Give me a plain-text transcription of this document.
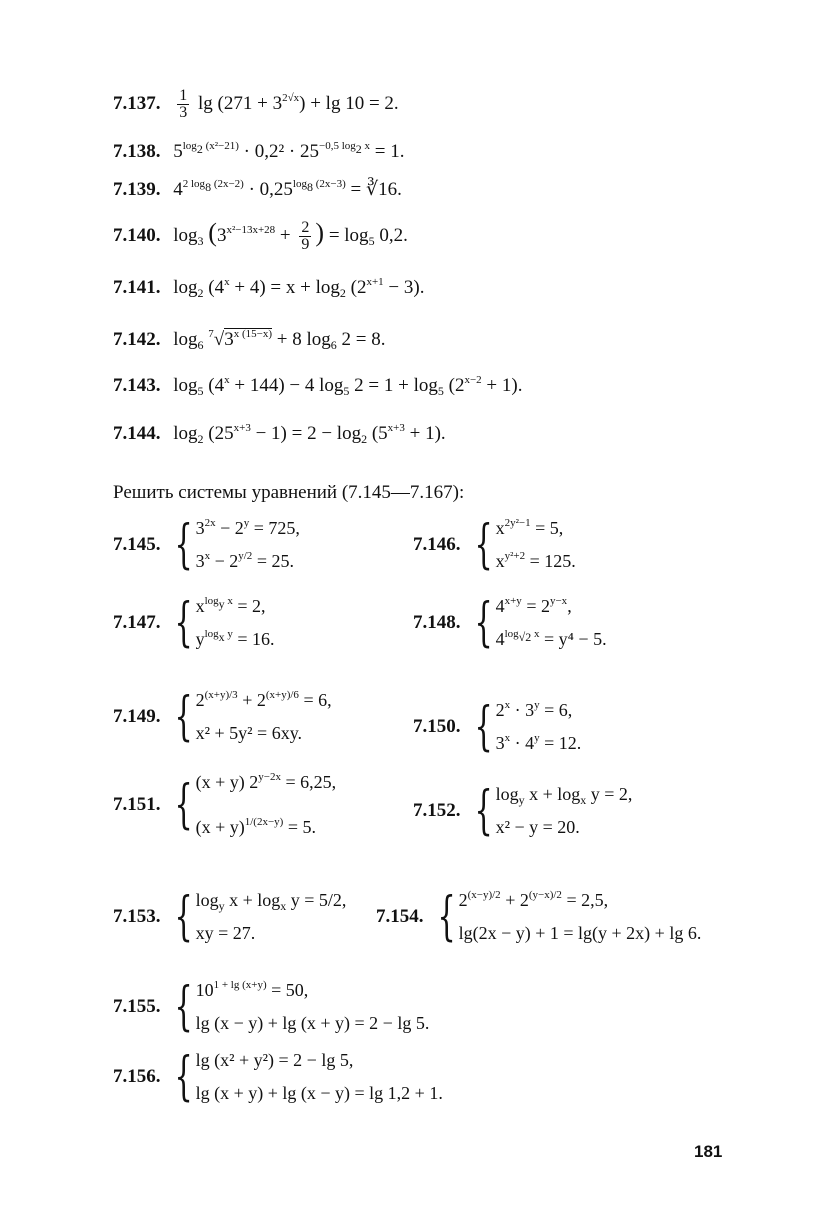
7.137. $\frac{1}{3}$ $\lg (271 + 3^{2√x}) + \lg 10 = 2$.
7.138. $5^{log_2 (x^2-21)} \cdot 0,2^2 \cdot 25^{-0,5 log_2 x} = 1$.
7.139. $4^{2 log_8 (2x-2)} \cdot 0,25^{log_8 (2x-3)}$ = ∛16.
7.140. $\log_3 (3^{x^2-13x+28} + \frac{2}{9}$ ) = $\log_5 0,2$.
7.141. $\log_2 (4^x + 4) = x + \log_2 (2^{x+1} - 3)$.
7.142. $\log_6 ^7√3^{x (15-x)} + 8$ $\log_6 2 = 8$.
7.143. $\log_5 (4^x + 144) - 4$ $\log_5 2 = 1 + \log_5 (2^{x-2} + 1)$.
7.144. $\log_2 (25^{x+3} - 1) = 2 - \log_2 (5^{x+3} + 1)$.
Решить системы уравнений (7.145—7.167):
7.145. { $3^{2x} - 2^y = 725$,
$3^x - 2^{y/2} = 25$.
7.146. { $x^{2y^2-1} = 5$,
$x^{y^2+2} = 125$.
7.147. { $x^{log_y x} = 2$,
$y^{log_x y} = 16$.
7.148. { $4^{x+y} = 2^{y-x}$,
$4^{log_{√2} x} = y^4 - 5$.
7.149. { $2^{(x+y)/3} + 2^{(x+y)/6} = 6$,
x² + 5y² = 6xy.	7.150. { $2^x \cdot 3^y = 6$,
$3^x \cdot 4^y = 12$.
7.151. { (x + y) $2^{y-2x} = 6,25$,
$(x + y)^{1/(2x-y)} = 5$.
7.152. { $\log_y x + \log_x y = 2$,
x² − y = 20.
7.153. { $\log_y x + \log_x y = 5/2$,
xy = 27.
7.154. { $2^{(x-y)/2} + 2^{(y-x)/2} = 2,5$,
lg(2x − y) + 1 = lg(y + 2x) + lg 6.
7.155. { $10^{1 + lg (x+y)} = 50$,
lg (x − y) + lg (x + y) = 2 − lg 5.
7.156. { lg (x² + y²) = 2 − lg 5,
lg (x + y) + lg (x − y) = lg 1,2 + 1.
181
